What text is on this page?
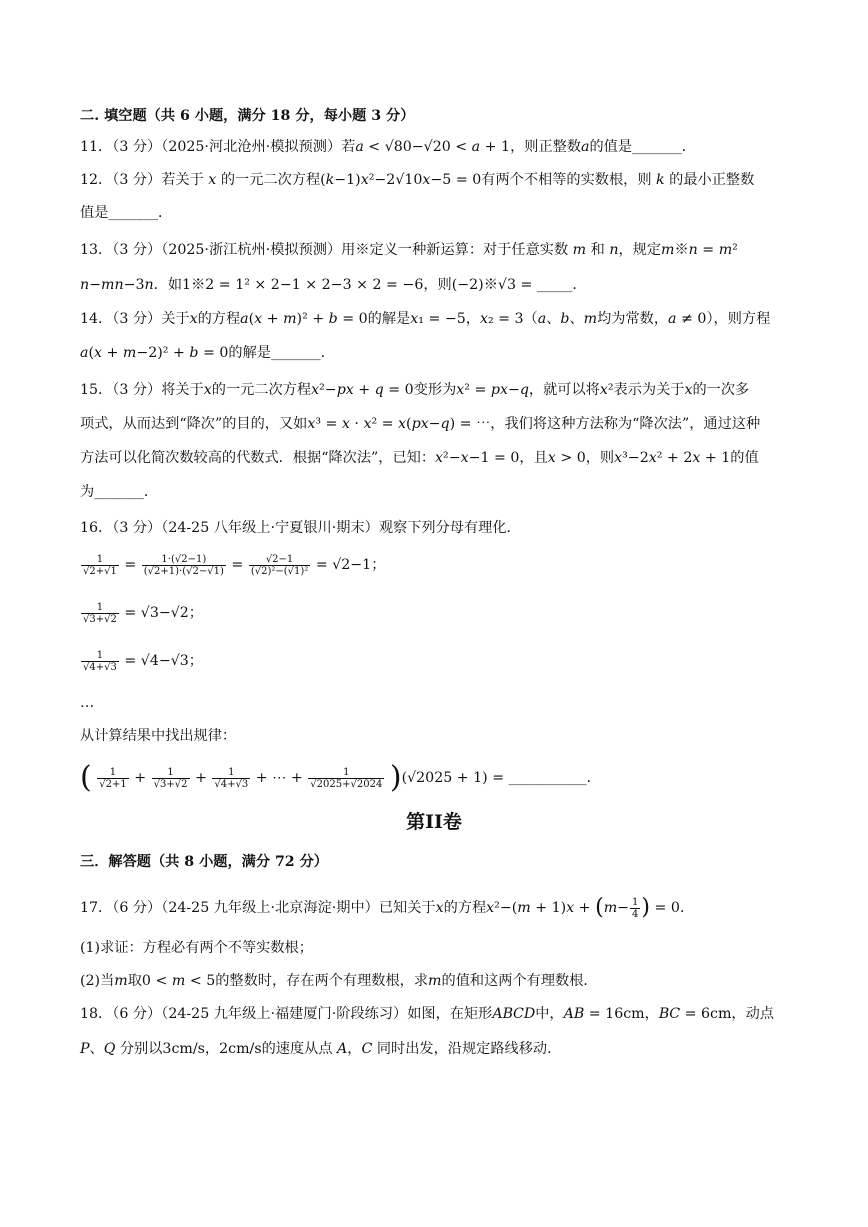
二. 填空题（共 6 小题，满分 18 分，每小题 3 分）
11．（3 分）（2025·河北沧州·模拟预测）若𝑎 < √80−√20 < 𝑎 + 1，则正整数𝑎的值是_______．
12．（3 分）若关于 𝑥 的一元二次方程(𝑘−1)𝑥²−2√10𝑥−5 = 0有两个不相等的实数根，则 𝑘 的最小正整数
值是_______．
13．（3 分）（2025·浙江杭州·模拟预测）用※定义一种新运算：对于任意实数 𝑚 和 𝑛，规定𝑚※𝑛 = 𝑚²
𝑛−𝑚𝑛−3𝑛．如1※2 = 1² × 2−1 × 2−3 × 2 = −6，则(−2)※√3 = _____．
14．（3 分）关于𝑥的方程𝑎(𝑥 + 𝑚)² + 𝑏 = 0的解是𝑥₁ = −5，𝑥₂ = 3（𝑎、𝑏、𝑚均为常数，𝑎 ≠ 0），则方程
𝑎(𝑥 + 𝑚−2)² + 𝑏 = 0的解是_______．
15．（3 分）将关于𝑥的一元二次方程𝑥²−𝑝𝑥 + 𝑞 = 0变形为𝑥² = 𝑝𝑥−𝑞，就可以将𝑥²表示为关于𝑥的一次多
项式，从而达到“降次”的目的，又如𝑥³ = 𝑥 · 𝑥² = 𝑥(𝑝𝑥−𝑞) = ⋯，我们将这种方法称为“降次法”，通过这种
方法可以化简次数较高的代数式．根据“降次法”，已知：𝑥²−𝑥−1 = 0，且𝑥 > 0，则𝑥³−2𝑥² + 2𝑥 + 1的值
为_______．
16．（3 分）（24-25 八年级上·宁夏银川·期末）观察下列分母有理化．
$\frac{1}{√2+√1} = \frac{1\cdot(√2-1)}{(√2+1)\cdot(√2-√1)} = \frac{√2-1}{\text{(√2)²−(√1)²}} = √2-1$；
$\frac{1}{√3+√2} = √3-√2$；
$\frac{1}{√4+√3} = √4-√3$；
…
从计算结果中找出规律：
( $\frac{1}{√2+1} + \frac{1}{√3+√2} + \frac{1}{√4+√3}$ + ⋯ + $\frac{1}{√2025+√2024} )(√2025 + 1)$ = ___________．
第II卷
三．解答题（共 8 小题，满分 72 分）
17．（6 分）（24-25 九年级上·北京海淀·期中）已知关于𝑥的方程𝑥²−(𝑚 + 1)𝑥 + (𝑚− $\frac{1}{4}$ ) = 0．
(1)求证：方程必有两个不等实数根；
(2)当𝑚取0 < 𝑚 < 5的整数时，存在两个有理数根，求𝑚的值和这两个有理数根．
18．（6 分）（24-25 九年级上·福建厦门·阶段练习）如图，在矩形𝐴𝐵𝐶𝐷中，𝐴𝐵 = 16cm，𝐵𝐶 = 6cm，动点
𝑃、𝑄 分别以3cm/s，2cm/s的速度从点 𝐴，𝐶 同时出发，沿规定路线移动．
